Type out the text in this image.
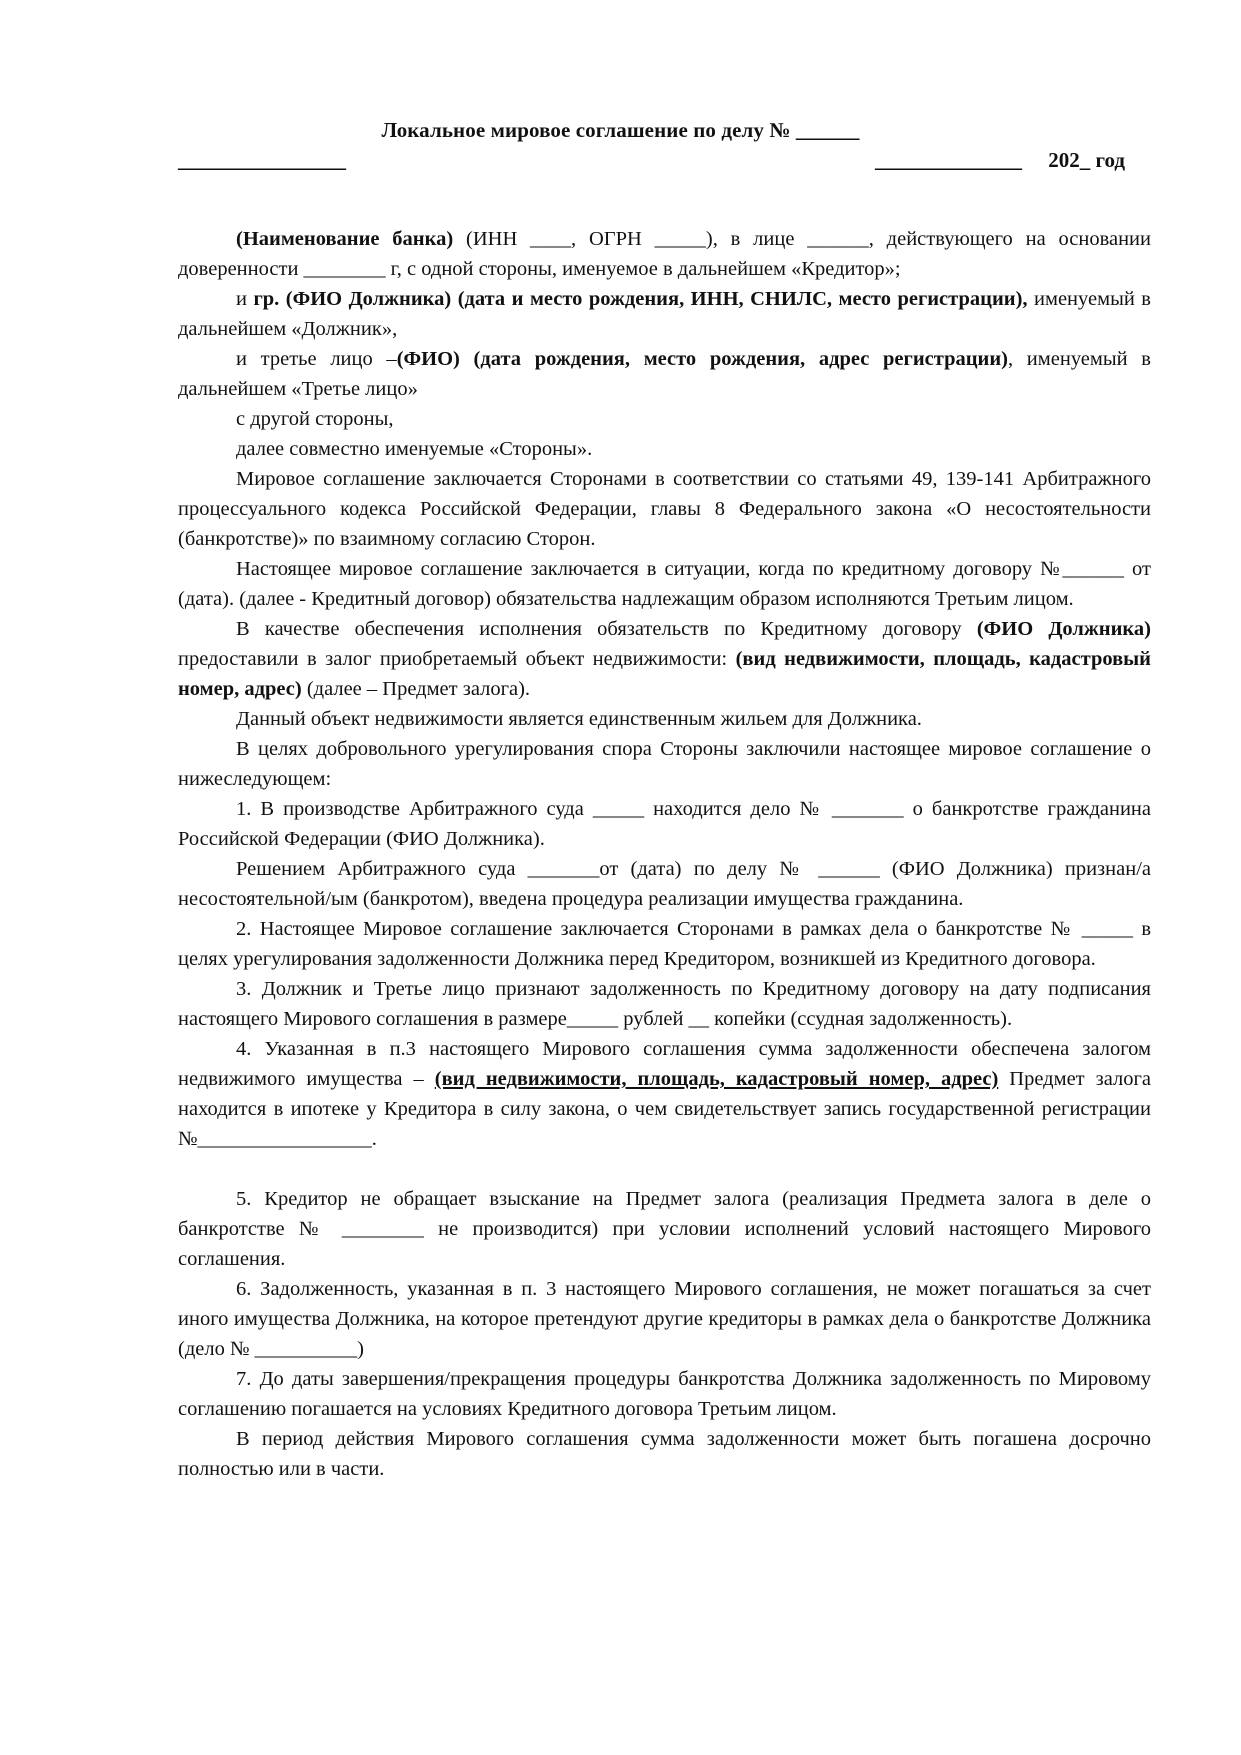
Локальное мировое соглашение по делу № ______
________________	______________ 202_ год

(Наименование банка) (ИНН ____, ОГРН _____), в лице ______, действующего на основании доверенности ________ г, с одной стороны, именуемое в дальнейшем «Кредитор»;

и гр. (ФИО Должника) (дата и место рождения, ИНН, СНИЛС, место регистрации), именуемый в дальнейшем «Должник»,

и третье лицо –(ФИО) (дата рождения, место рождения, адрес регистрации), именуемый в дальнейшем «Третье лицо»

с другой стороны,

далее совместно именуемые «Стороны».

Мировое соглашение заключается Сторонами в соответствии со статьями 49, 139-141 Арбитражного процессуального кодекса Российской Федерации, главы 8 Федерального закона «О несостоятельности (банкротстве)» по взаимному согласию Сторон.

Настоящее мировое соглашение заключается в ситуации, когда по кредитному договору №______ от (дата). (далее - Кредитный договор) обязательства надлежащим образом исполняются Третьим лицом.

В качестве обеспечения исполнения обязательств по Кредитному договору (ФИО Должника) предоставили в залог приобретаемый объект недвижимости: (вид недвижимости, площадь, кадастровый номер, адрес) (далее – Предмет залога).

Данный объект недвижимости является единственным жильем для Должника.

В целях добровольного урегулирования спора Стороны заключили настоящее мировое соглашение о нижеследующем:

1. В производстве Арбитражного суда _____ находится дело № _______ о банкротстве гражданина Российской Федерации (ФИО Должника).

Решением Арбитражного суда _______от (дата) по делу № ______ (ФИО Должника) признан/а несостоятельной/ым (банкротом), введена процедура реализации имущества гражданина.

2. Настоящее Мировое соглашение заключается Сторонами в рамках дела о банкротстве № _____ в целях урегулирования задолженности Должника перед Кредитором, возникшей из Кредитного договора.

3. Должник и Третье лицо признают задолженность по Кредитному договору на дату подписания настоящего Мирового соглашения в размере_____ рублей __ копейки (ссудная задолженность).

4. Указанная в п.3 настоящего Мирового соглашения сумма задолженности обеспечена залогом недвижимого имущества – (вид недвижимости, площадь, кадастровый номер, адрес) Предмет залога находится в ипотеке у Кредитора в силу закона, о чем свидетельствует запись государственной регистрации №_________________.

5. Кредитор не обращает взыскание на Предмет залога (реализация Предмета залога в деле о банкротстве № ________ не производится) при условии исполнений условий настоящего Мирового соглашения.

6. Задолженность, указанная в п. 3 настоящего Мирового соглашения, не может погашаться за счет иного имущества Должника, на которое претендуют другие кредиторы в рамках дела о банкротстве Должника (дело № __________)

7. До даты завершения/прекращения процедуры банкротства Должника задолженность по Мировому соглашению погашается на условиях Кредитного договора Третьим лицом.

В период действия Мирового соглашения сумма задолженности может быть погашена досрочно полностью или в части.
